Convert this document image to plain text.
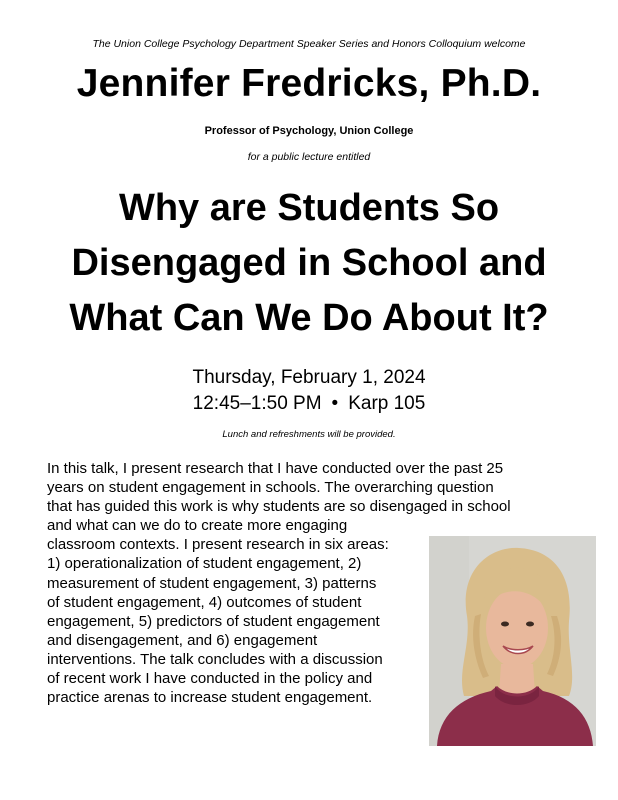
The Union College Psychology Department Speaker Series and Honors Colloquium welcome

Jennifer Fredricks, Ph.D.

Professor of Psychology, Union College

for a public lecture entitled

Why are Students So
Disengaged in School and
What Can We Do About It?

Thursday, February 1, 2024

12:45–1:50 PM • Karp 105

Lunch and refreshments will be provided.

In this talk, I present research that I have conducted over the past 25
years on student engagement in schools. The overarching question
that has guided this work is why students are so disengaged in school
and what can we do to create more engaging
classroom contexts. I present research in six areas:
1) operationalization of student engagement, 2)
measurement of student engagement, 3) patterns
of student engagement, 4) outcomes of student
engagement, 5) predictors of student engagement
and disengagement, and 6) engagement
interventions. The talk concludes with a discussion
of recent work I have conducted in the policy and
practice arenas to increase student engagement.
